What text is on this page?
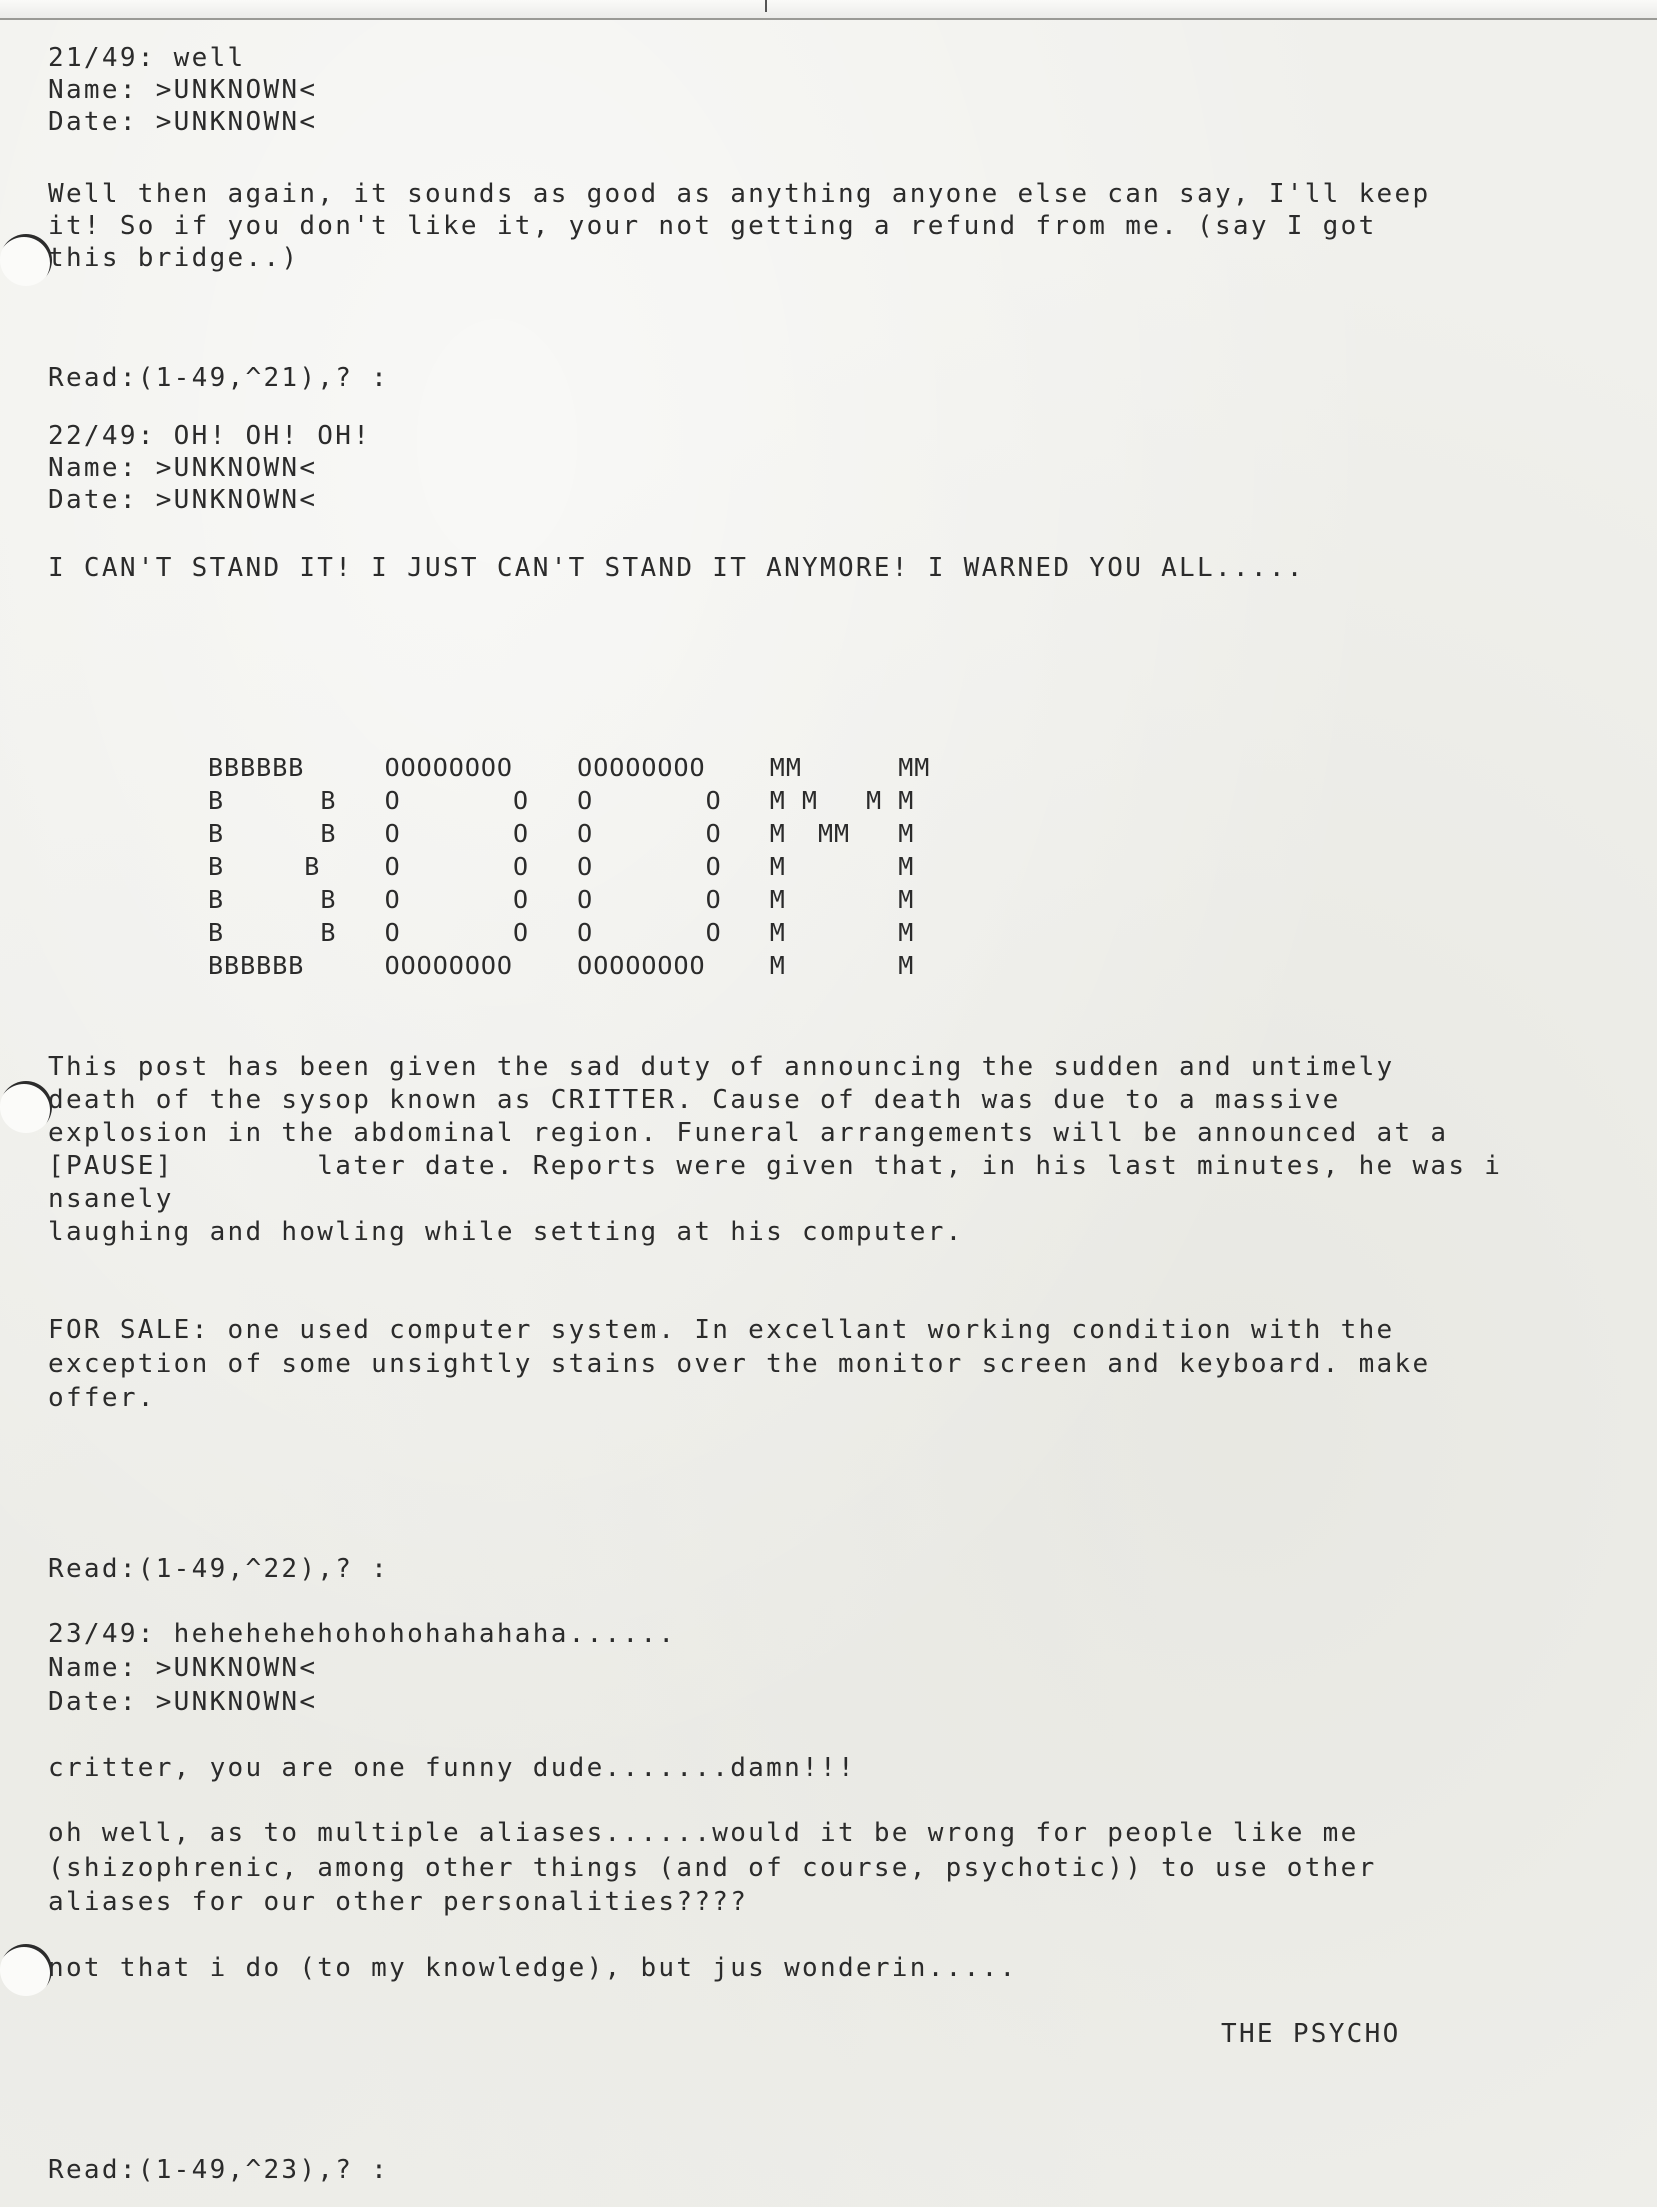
21/49: well

Name: >UNKNOWN<

Date: >UNKNOWN<

Well then again, it sounds as good as anything anyone else can say, I'll keep

it! So if you don't like it, your not getting a refund from me. (say I got

this bridge..)

Read:(1-49,^21),? :

22/49: OH! OH! OH!

Name: >UNKNOWN<

Date: >UNKNOWN<

I CAN'T STAND IT! I JUST CAN'T STAND IT ANYMORE! I WARNED YOU ALL.....

BBBBBB     OOOOOOOO    OOOOOOOO    MM      MM

B      B   O       O   O       O   M M   M M

B      B   O       O   O       O   M  MM   M

B     B    O       O   O       O   M       M

B      B   O       O   O       O   M       M

B      B   O       O   O       O   M       M

BBBBBB     OOOOOOOO    OOOOOOOO    M       M

This post has been given the sad duty of announcing the sudden and untimely

death of the sysop known as CRITTER. Cause of death was due to a massive

explosion in the abdominal region. Funeral arrangements will be announced at a

[PAUSE]        later date. Reports were given that, in his last minutes, he was i

nsanely

laughing and howling while setting at his computer.

FOR SALE: one used computer system. In excellant working condition with the

exception of some unsightly stains over the monitor screen and keyboard. make

offer.

Read:(1-49,^22),? :

23/49: hehehehehohohohahahaha......

Name: >UNKNOWN<

Date: >UNKNOWN<

critter, you are one funny dude.......damn!!!

oh well, as to multiple aliases......would it be wrong for people like me

(shizophrenic, among other things (and of course, psychotic)) to use other

aliases for our other personalities????

not that i do (to my knowledge), but jus wonderin.....

THE PSYCHO

Read:(1-49,^23),? :
